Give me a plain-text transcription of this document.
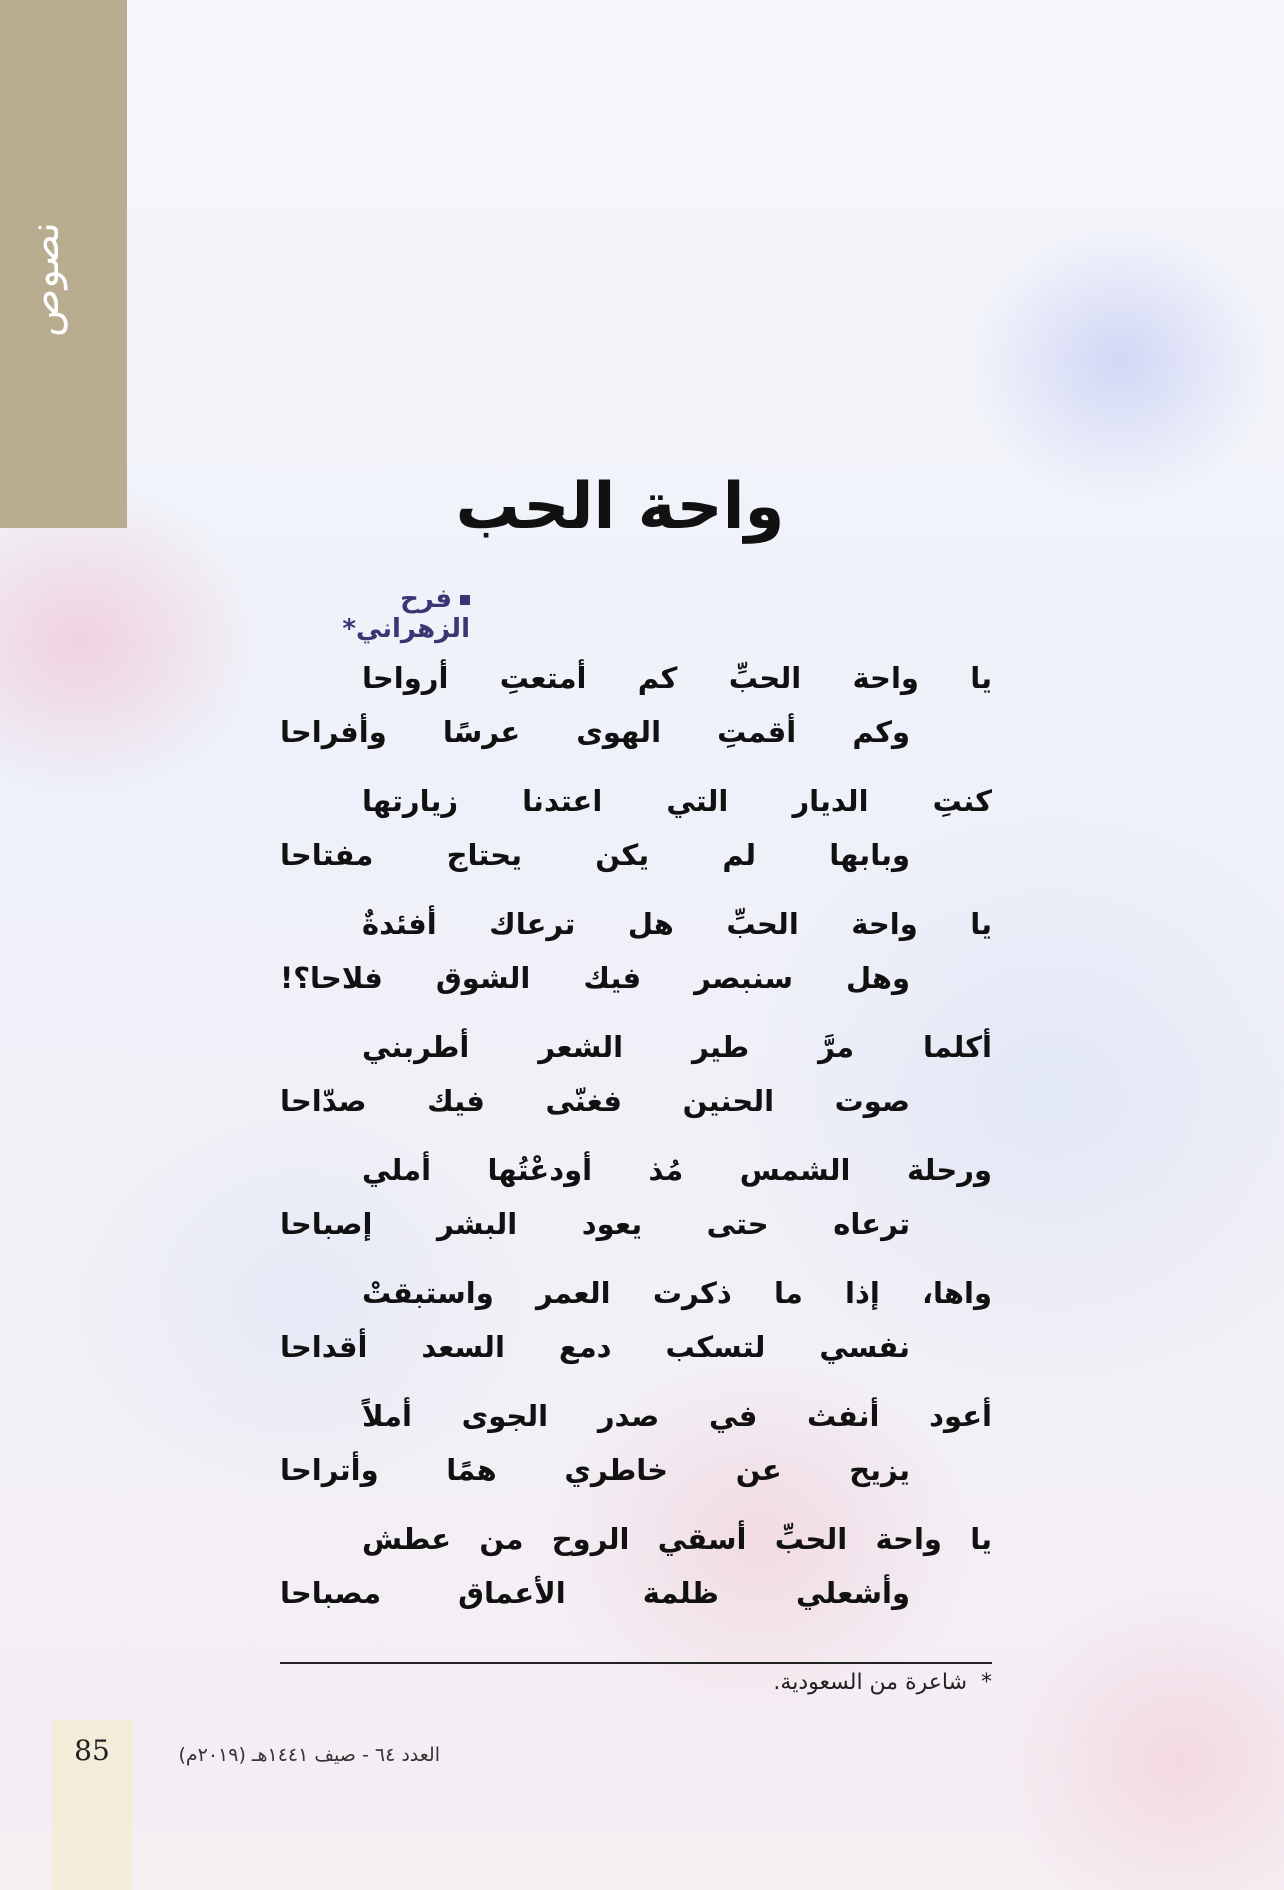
نصوص
واحة الحب
فرح الزهراني*
يا واحة الحبِّ كم أمتعتِ أرواحا
وكم أقمتِ الهوى عرسًا وأفراحا
كنتِ الديار التي اعتدنا زيارتها
وبابها لم يكن يحتاج مفتاحا
يا واحة الحبِّ هل ترعاك أفئدةٌ
وهل سنبصر فيك الشوق فلاحا؟!
أكلما مرَّ طير الشعر أطربني
صوت الحنين فغنّى فيك صدّاحا
ورحلة الشمس مُذ أودعْتُها أملي
ترعاه حتى يعود البشر إصباحا
واها، إذا ما ذكرت العمر واستبقتْ
نفسي لتسكب دمع السعد أقداحا
أعود أنفث في صدر الجوى أملاً
يزيح عن خاطري همًا وأتراحا
يا واحة الحبِّ أسقي الروح من عطش
وأشعلي ظلمة الأعماق مصباحا
*شاعرة من السعودية.
85	العدد ٦٤ - صيف ١٤٤١هـ (٢٠١٩م)
